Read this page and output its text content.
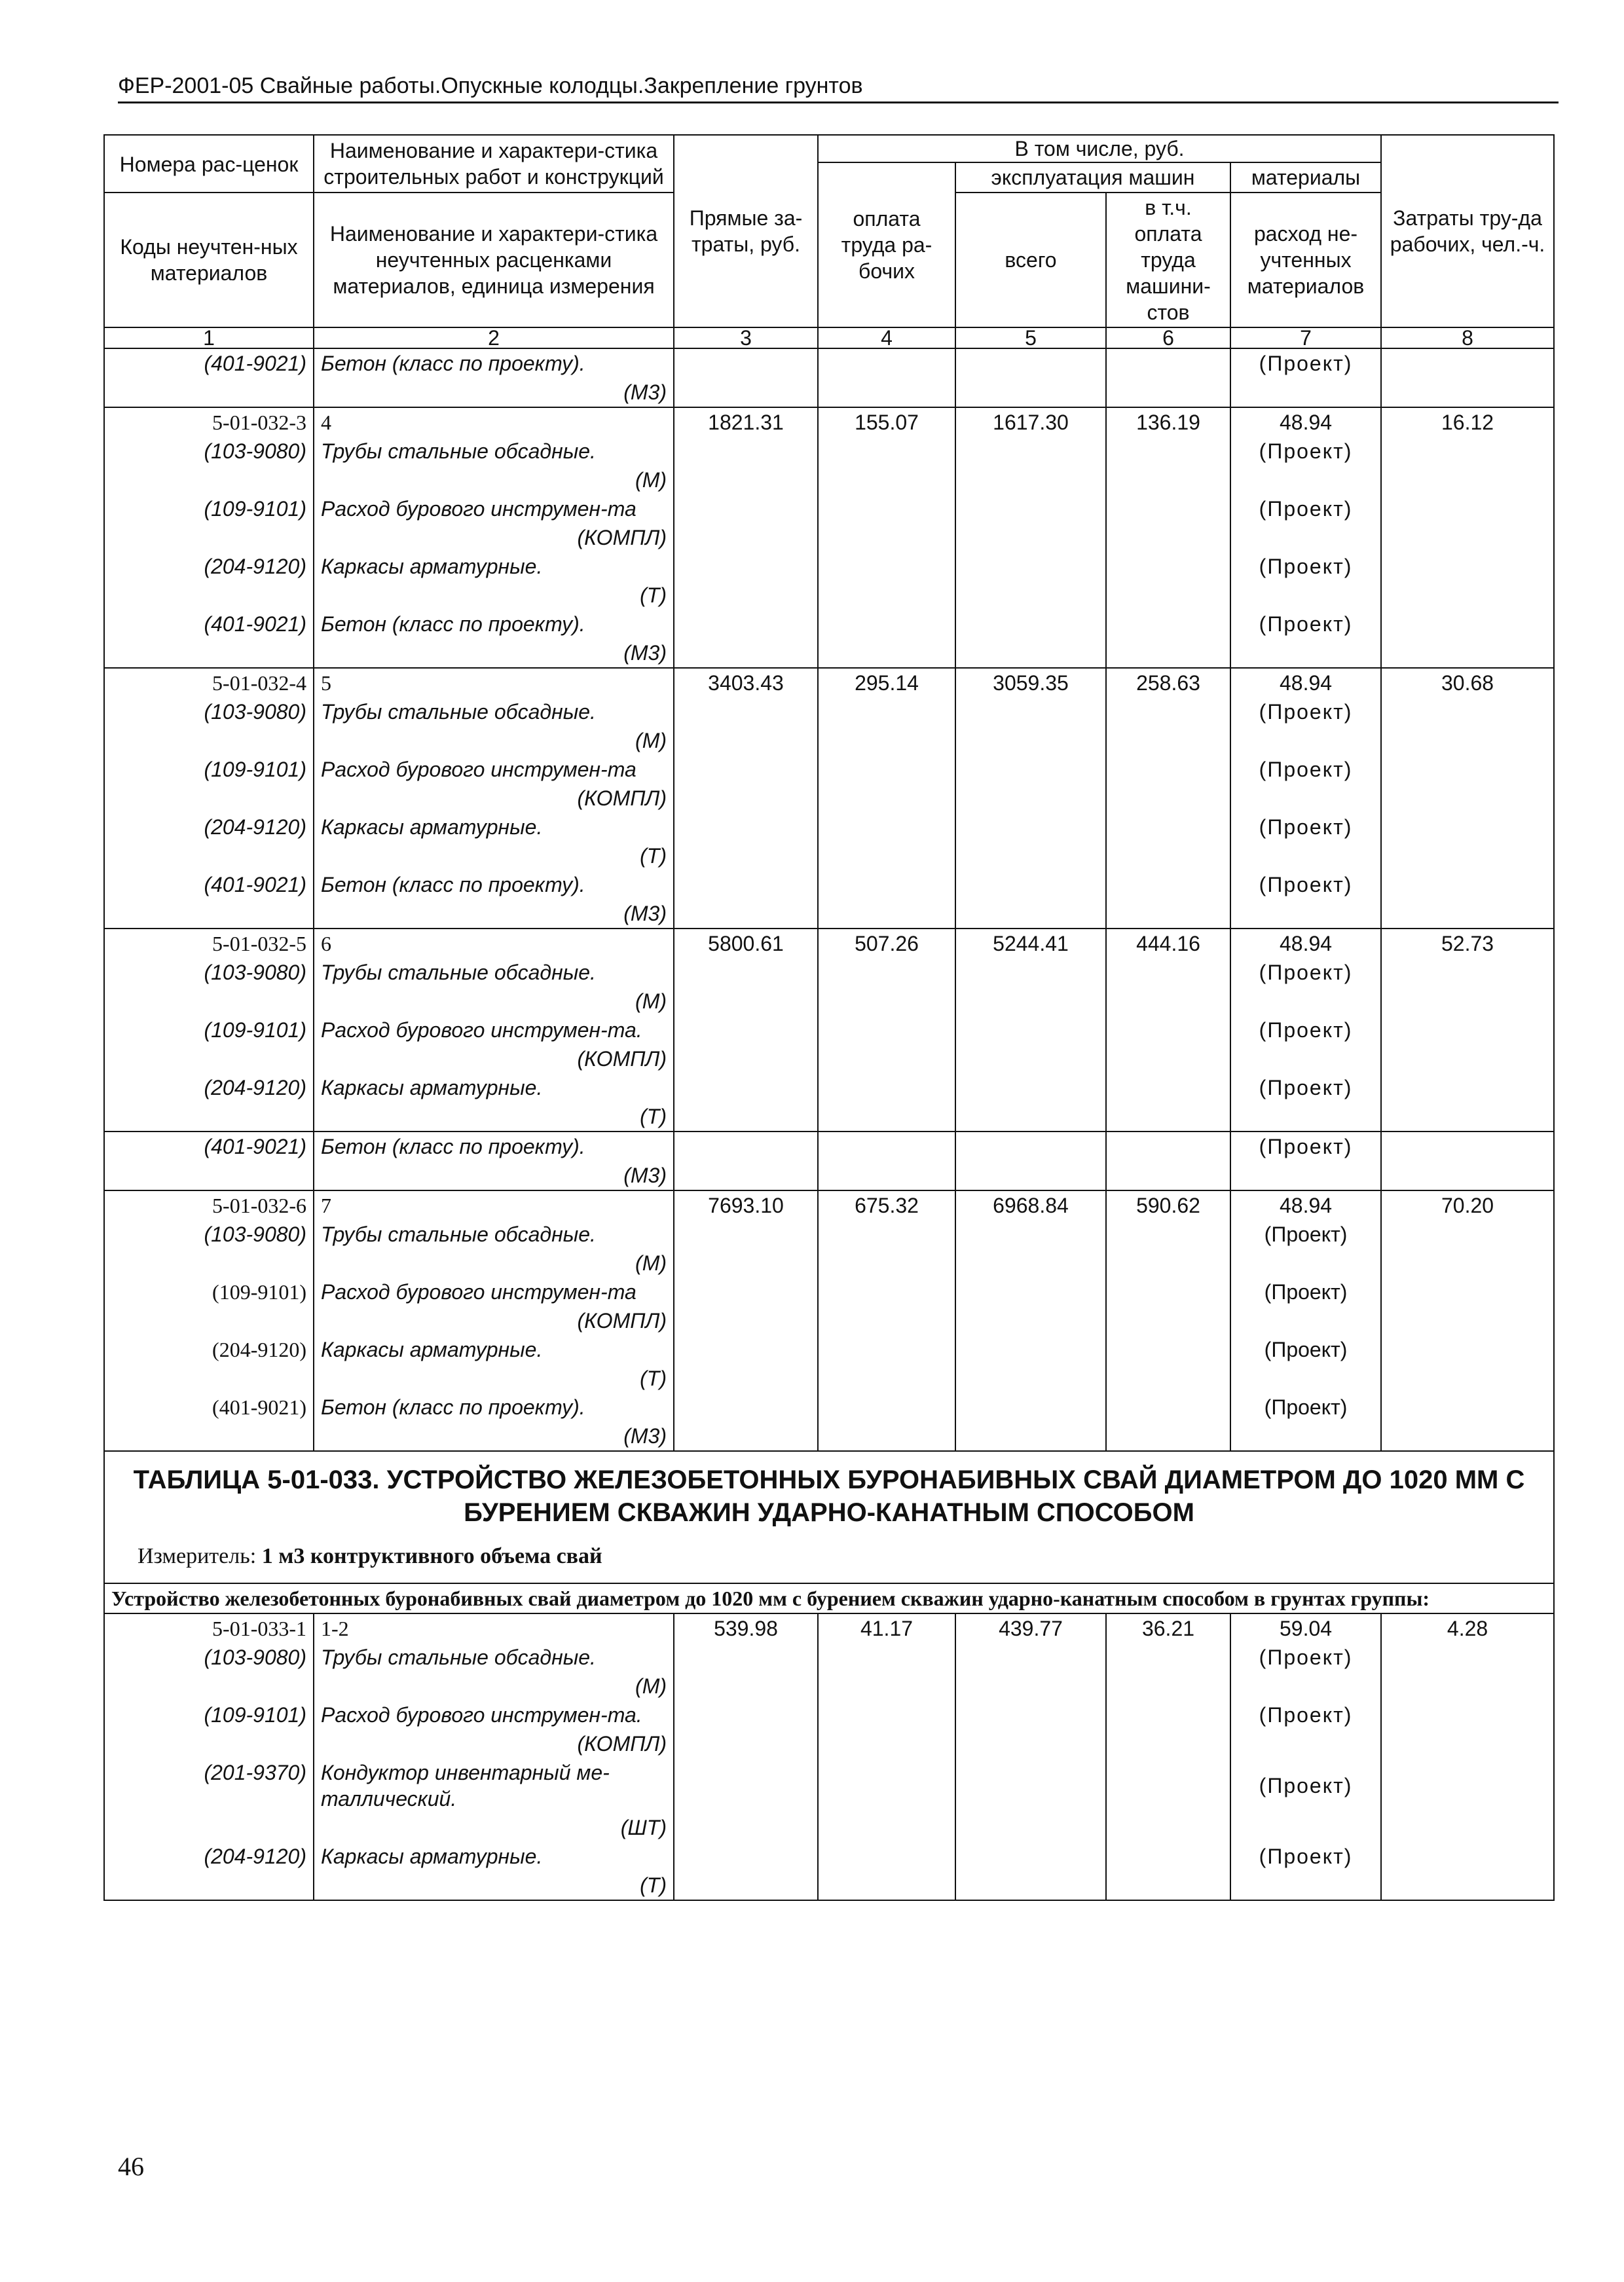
ФЕР-2001-05 Свайные работы.Опускные колодцы.Закрепление грунтов
Номера рас-ценок	Наименование и характери-стика строительных работ и конструкций	Прямые за-траты, руб.	В том числе, руб.				Затраты тру-да рабочих, чел.-ч.
			оплата труда ра-бочих	эксплуатация машин		материалы	

Коды неучтен-ных материалов	Наименование и характери-стика неучтенных расценками материалов, единица измерения			всего	в т.ч. оплата труда машини-стов	расход не-учтенных материалов	

1	2	3	4	5	6	7	8
(401-9021)	Бетон (класс по проекту).					(Проект)	
	(М3)						
5-01-032-3	4	1821.31	155.07	1617.30	136.19	48.94	16.12
(103-9080)	Трубы стальные обсадные.					(Проект)	
	(М)						
(109-9101)	Расход бурового инструмен-та					(Проект)	
	(КОМПЛ)						
(204-9120)	Каркасы арматурные.					(Проект)	
	(Т)						
(401-9021)	Бетон (класс по проекту).					(Проект)	
	(М3)						
5-01-032-4	5	3403.43	295.14	3059.35	258.63	48.94	30.68
(103-9080)	Трубы стальные обсадные.					(Проект)	
	(М)						
(109-9101)	Расход бурового инструмен-та					(Проект)	
	(КОМПЛ)						
(204-9120)	Каркасы арматурные.					(Проект)	
	(Т)						
(401-9021)	Бетон (класс по проекту).					(Проект)	
	(М3)						
5-01-032-5	6	5800.61	507.26	5244.41	444.16	48.94	52.73
(103-9080)	Трубы стальные обсадные.					(Проект)	
	(М)						
(109-9101)	Расход бурового инструмен-та.					(Проект)	
	(КОМПЛ)						
(204-9120)	Каркасы арматурные.					(Проект)	
	(Т)						
(401-9021)	Бетон (класс по проекту).					(Проект)	
	(М3)						
5-01-032-6	7	7693.10	675.32	6968.84	590.62	48.94	70.20
(103-9080)	Трубы стальные обсадные.					(Проект)	
	(М)						
(109-9101)	Расход бурового инструмен-та					(Проект)	
	(КОМПЛ)						
(204-9120)	Каркасы арматурные.					(Проект)	
	(Т)						
(401-9021)	Бетон (класс по проекту).					(Проект)	
	(М3)						

ТАБЛИЦА 5-01-033. УСТРОЙСТВО ЖЕЛЕЗОБЕТОННЫХ БУРОНАБИВНЫХ СВАЙ ДИАМЕТРОМ ДО 1020 ММ С БУРЕНИЕМ СКВАЖИН УДАРНО-КАНАТНЫМ СПОСОБОМ
Измеритель: 1 м3 контруктивного объема свай							

Устройство железобетонных буронабивных свай диаметром до 1020 мм с бурением скважин ударно-канатным способом в грунтах группы:							
5-01-033-1	1-2	539.98	41.17	439.77	36.21	59.04	4.28
(103-9080)	Трубы стальные обсадные.					(Проект)	
	(М)						
(109-9101)	Расход бурового инструмен-та.					(Проект)	
	(КОМПЛ)						
(201-9370)	Кондуктор инвентарный ме-таллический.					(Проект)	
	(ШТ)						
(204-9120)	Каркасы арматурные.					(Проект)	
	(Т)						
46
